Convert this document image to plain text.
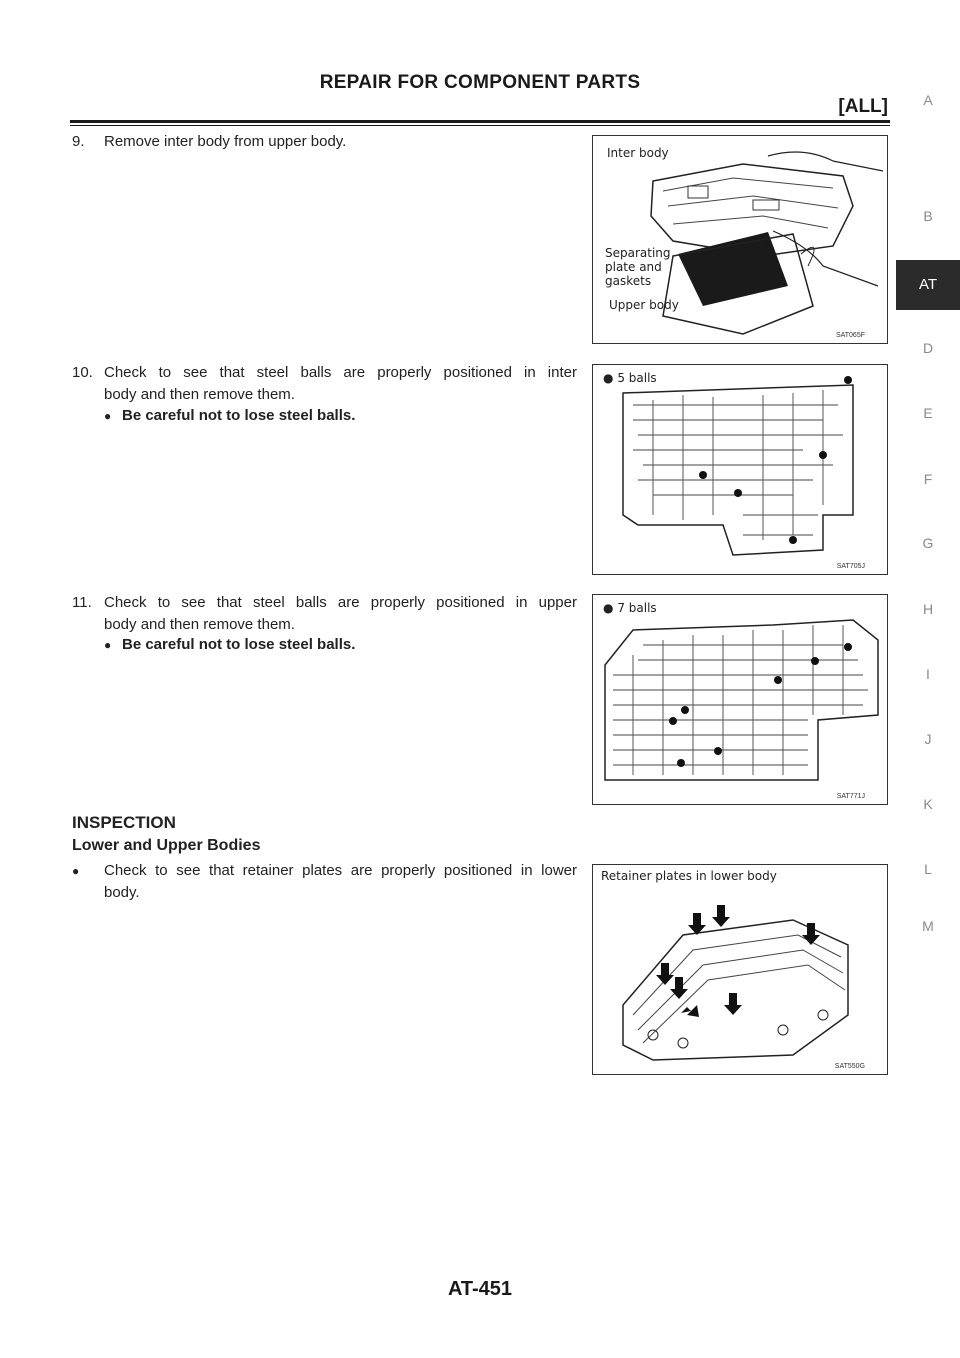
REPAIR FOR COMPONENT PARTS
[ALL]	A
B
AT
D
E
F
G
H
I
J
K
L
M
9. Remove inter body from upper body.
10. Check to see that steel balls are properly positioned in inter
body and then remove them.
● Be careful not to lose steel balls.
11. Check to see that steel balls are properly positioned in upper
body and then remove them.
● Be careful not to lose steel balls.
INSPECTION
Lower and Upper Bodies
● Check to see that retainer plates are properly positioned in lower
body.
Inter body
Separating
plate and
gaskets
Upper body
SAT065F
● 5 balls
SAT705J
● 7 balls
SAT771J
Retainer plates in lower body
SAT550G
AT-451
